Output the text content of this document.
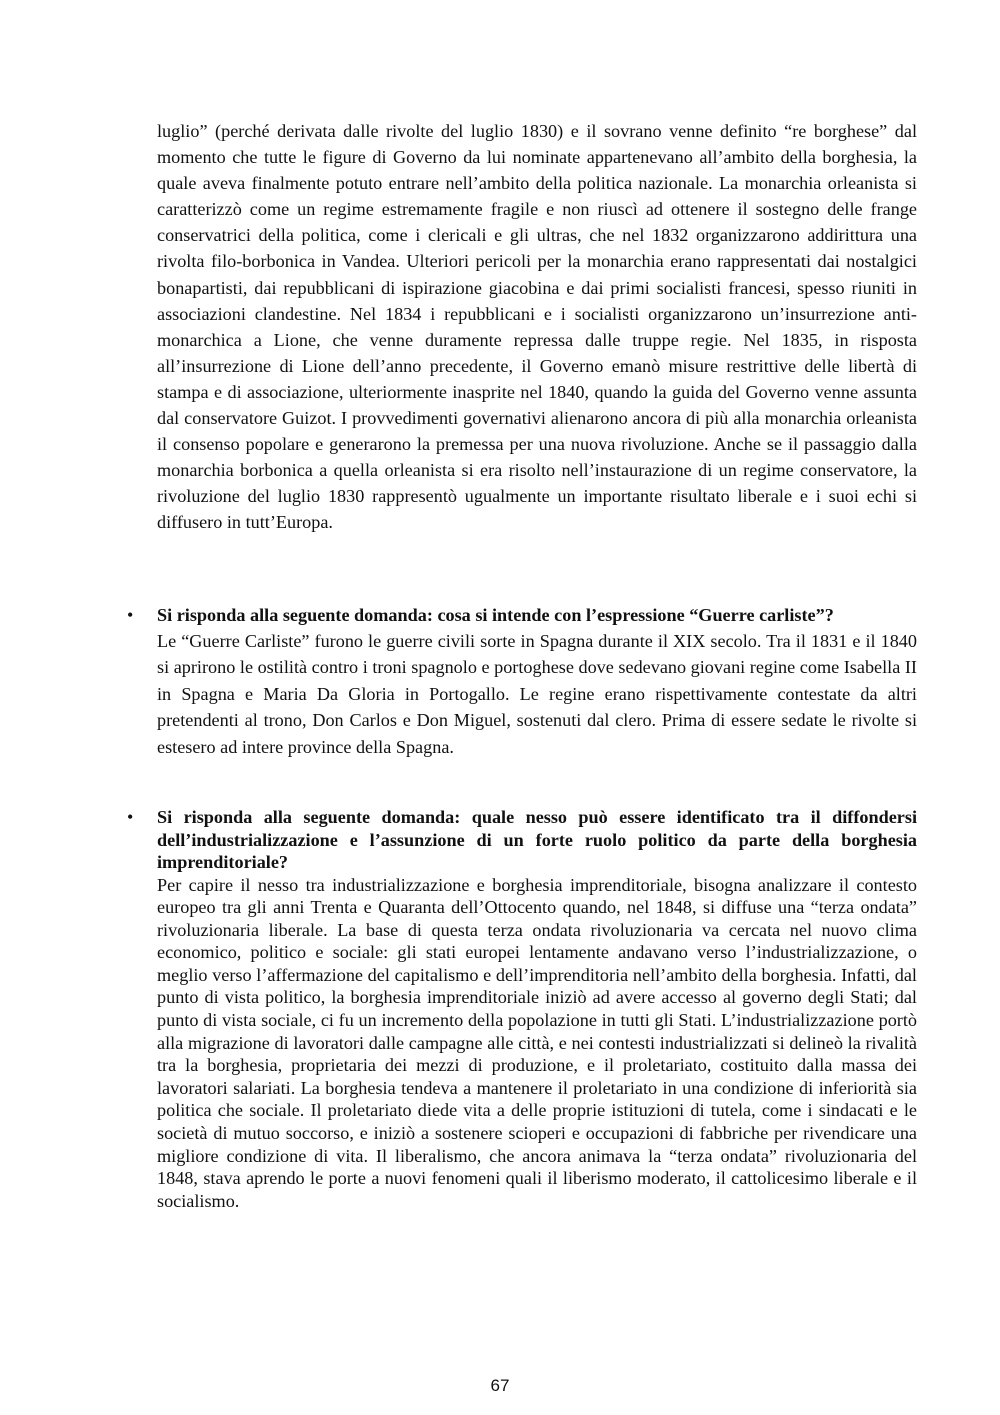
luglio” (perché derivata dalle rivolte del luglio 1830) e il sovrano venne definito “re borghese” dal momento che tutte le figure di Governo da lui nominate appartenevano all’ambito della borghesia, la quale aveva finalmente potuto entrare nell’ambito della politica nazionale. La monarchia orleanista si caratterizzò come un regime estremamente fragile e non riuscì ad ottenere il sostegno delle frange conservatrici della politica, come i clericali e gli ultras, che nel 1832 organizzarono addirittura una rivolta filo-borbonica in Vandea. Ulteriori pericoli per la monarchia erano rappresentati dai nostalgici bonapartisti, dai repubblicani di ispirazione giacobina e dai primi socialisti francesi, spesso riuniti in associazioni clandestine. Nel 1834 i repubblicani e i socialisti organizzarono un’insurrezione anti- monarchica a Lione, che venne duramente repressa dalle truppe regie. Nel 1835, in risposta all’insurrezione di Lione dell’anno precedente, il Governo emanò misure restrittive delle libertà di stampa e di associazione, ulteriormente inasprite nel 1840, quando la guida del Governo venne assunta dal conservatore Guizot. I provvedimenti governativi alienarono ancora di più alla monarchia orleanista il consenso popolare e generarono la premessa per una nuova rivoluzione. Anche se il passaggio dalla monarchia borbonica a quella orleanista si era risolto nell’instaurazione di un regime conservatore, la rivoluzione del luglio 1830 rappresentò ugualmente un importante risultato liberale e i suoi echi si diffusero in tutt’Europa.

• Si risponda alla seguente domanda: cosa si intende con l’espressione “Guerre carliste”?
Le “Guerre Carliste” furono le guerre civili sorte in Spagna durante il XIX secolo. Tra il 1831 e il 1840 si aprirono le ostilità contro i troni spagnolo e portoghese dove sedevano giovani regine come Isabella II in Spagna e Maria Da Gloria in Portogallo. Le regine erano rispettivamente contestate da altri pretendenti al trono, Don Carlos e Don Miguel, sostenuti dal clero. Prima di essere sedate le rivolte si estesero ad intere province della Spagna.
• Si risponda alla seguente domanda: quale nesso può essere identificato tra il diffondersi dell’industrializzazione e l’assunzione di un forte ruolo politico da parte della borghesia imprenditoriale?
Per capire il nesso tra industrializzazione e borghesia imprenditoriale, bisogna analizzare il contesto europeo tra gli anni Trenta e Quaranta dell’Ottocento quando, nel 1848, si diffuse una “terza ondata” rivoluzionaria liberale. La base di questa terza ondata rivoluzionaria va cercata nel nuovo clima economico, politico e sociale: gli stati europei lentamente andavano verso l’industrializzazione, o meglio verso l’affermazione del capitalismo e dell’imprenditoria nell’ambito della borghesia. Infatti, dal punto di vista politico, la borghesia imprenditoriale iniziò ad avere accesso al governo degli Stati; dal punto di vista sociale, ci fu un incremento della popolazione in tutti gli Stati. L’industrializzazione portò alla migrazione di lavoratori dalle campagne alle città, e nei contesti industrializzati si delineò la rivalità tra la borghesia, proprietaria dei mezzi di produzione, e il proletariato, costituito dalla massa dei lavoratori salariati. La borghesia tendeva a mantenere il proletariato in una condizione di inferiorità sia politica che sociale. Il proletariato diede vita a delle proprie istituzioni di tutela, come i sindacati e le società di mutuo soccorso, e iniziò a sostenere scioperi e occupazioni di fabbriche per rivendicare una migliore condizione di vita. Il liberalismo, che ancora animava la “terza ondata” rivoluzionaria del 1848, stava aprendo le porte a nuovi fenomeni quali il liberismo moderato, il cattolicesimo liberale e il socialismo.
67
